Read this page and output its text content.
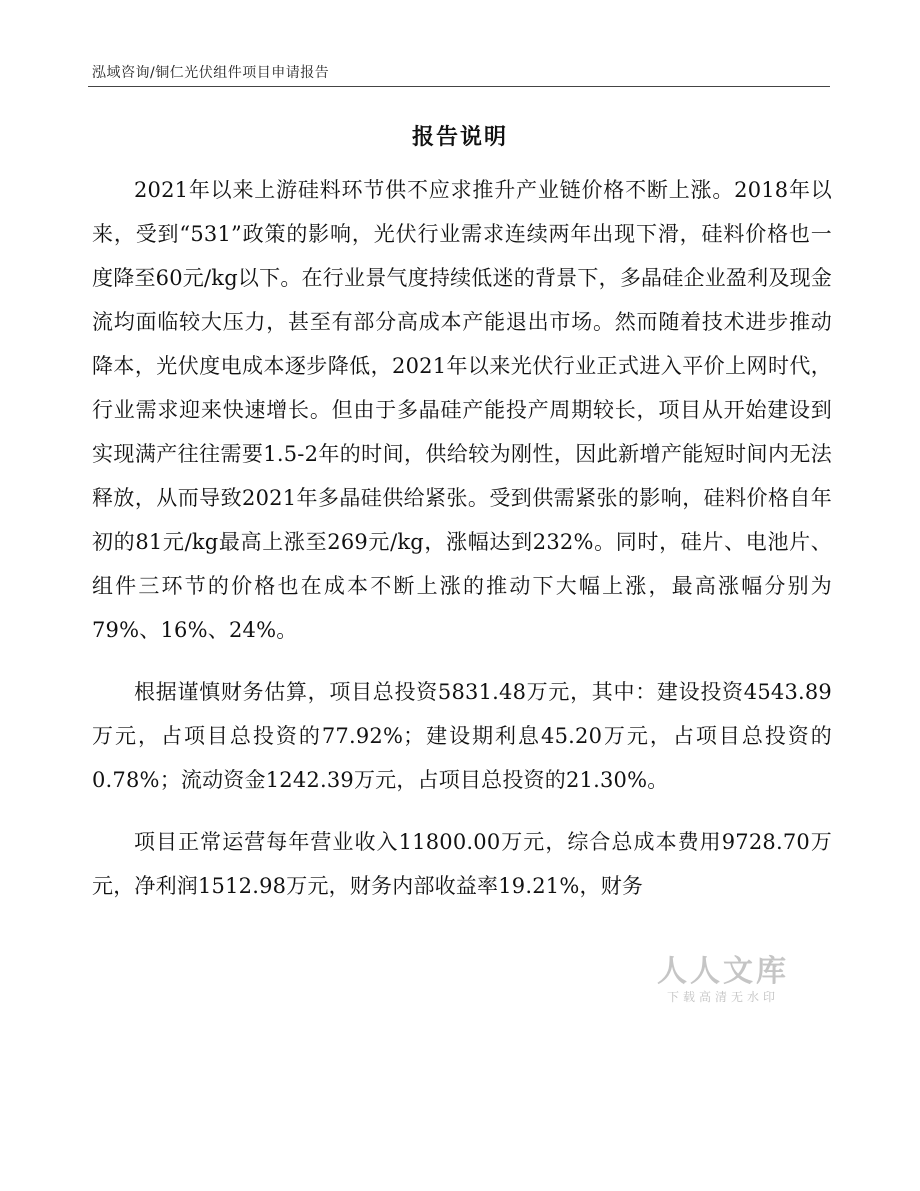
泓域咨询/铜仁光伏组件项目申请报告
报告说明

2021年以来上游硅料环节供不应求推升产业链价格不断上涨。2018年以来，受到“531”政策的影响，光伏行业需求连续两年出现下滑，硅料价格也一度降至60元/kg以下。在行业景气度持续低迷的背景下，多晶硅企业盈利及现金流均面临较大压力，甚至有部分高成本产能退出市场。然而随着技术进步推动降本，光伏度电成本逐步降低，2021年以来光伏行业正式进入平价上网时代，行业需求迎来快速增长。但由于多晶硅产能投产周期较长，项目从开始建设到实现满产往往需要1.5-2年的时间，供给较为刚性，因此新增产能短时间内无法释放，从而导致2021年多晶硅供给紧张。受到供需紧张的影响，硅料价格自年初的81元/kg最高上涨至269元/kg，涨幅达到232%。同时，硅片、电池片、组件三环节的价格也在成本不断上涨的推动下大幅上涨，最高涨幅分别为79%、16%、24%。

根据谨慎财务估算，项目总投资5831.48万元，其中：建设投资4543.89万元，占项目总投资的77.92%；建设期利息45.20万元，占项目总投资的0.78%；流动资金1242.39万元，占项目总投资的21.30%。

项目正常运营每年营业收入11800.00万元，综合总成本费用9728.70万元，净利润1512.98万元，财务内部收益率19.21%，财务

人人文库
下载高清无水印
